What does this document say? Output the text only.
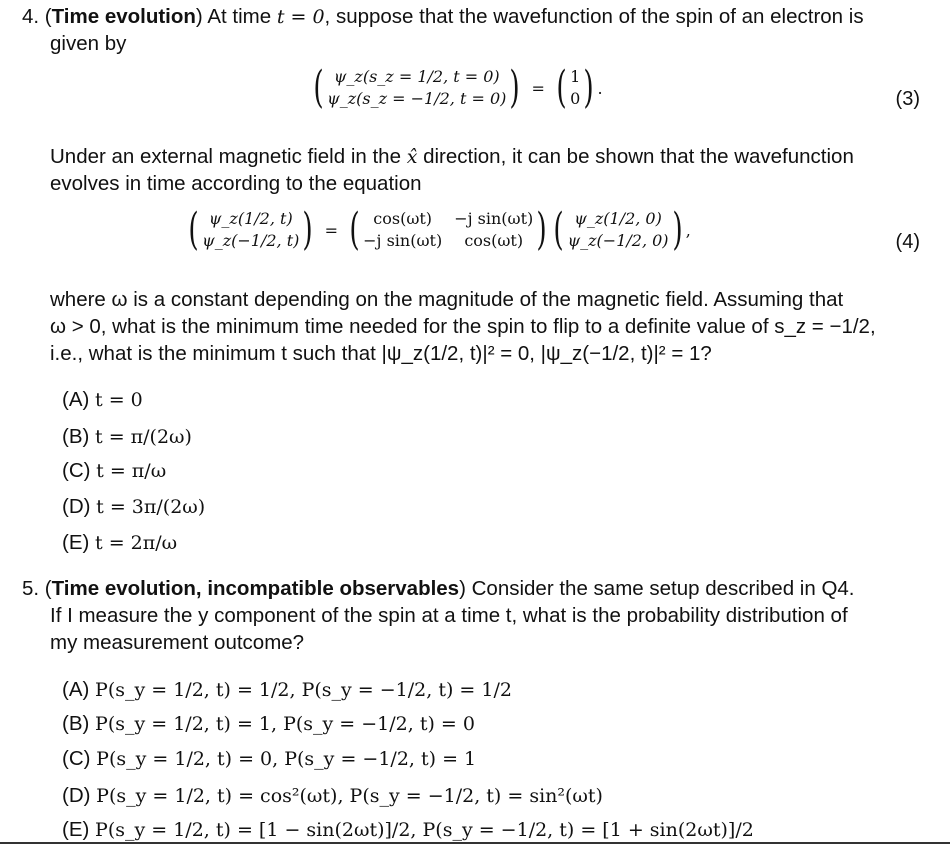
4. (Time evolution) At time t = 0, suppose that the wavefunction of the spin of an electron is
given by
( ψ_z(s_z = 1/2, t = 0)
ψ_z(s_z = −1/2, t = 0) ) = ( 1
0 ) .	(3)
Under an external magnetic field in the x̂ direction, it can be shown that the wavefunction
evolves in time according to the equation
( ψ_z(1/2, t)
ψ_z(−1/2, t) ) = ( cos(ωt)	−j sin(ωt)
−j sin(ωt)	cos(ωt) ) ( ψ_z(1/2, 0)
ψ_z(−1/2, 0) ) ,
(4)
where ω is a constant depending on the magnitude of the magnetic field. Assuming that
ω > 0, what is the minimum time needed for the spin to flip to a definite value of s_z = −1/2,
i.e., what is the minimum t such that |ψ_z(1/2, t)|² = 0, |ψ_z(−1/2, t)|² = 1?
(A) t = 0
(B) t = π/(2ω)
(C) t = π/ω
(D) t = 3π/(2ω)
(E) t = 2π/ω
5. (Time evolution, incompatible observables) Consider the same setup described in Q4.
If I measure the y component of the spin at a time t, what is the probability distribution of
my measurement outcome?
(A) P(s_y = 1/2, t) = 1/2, P(s_y = −1/2, t) = 1/2
(B) P(s_y = 1/2, t) = 1, P(s_y = −1/2, t) = 0
(C) P(s_y = 1/2, t) = 0, P(s_y = −1/2, t) = 1
(D) P(s_y = 1/2, t) = cos²(ωt), P(s_y = −1/2, t) = sin²(ωt)
(E) P(s_y = 1/2, t) = [1 − sin(2ωt)]/2, P(s_y = −1/2, t) = [1 + sin(2ωt)]/2
